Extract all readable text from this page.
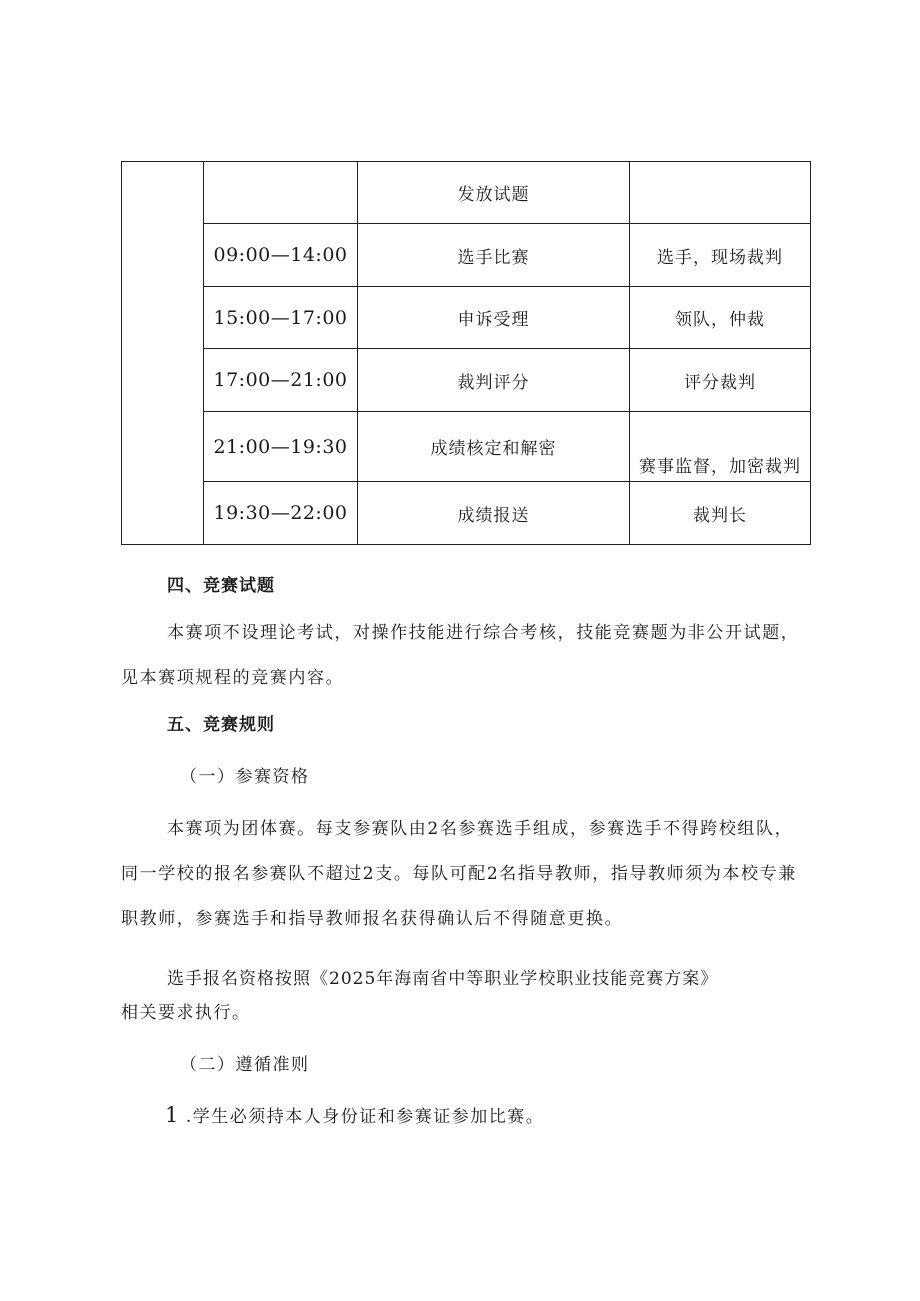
		发放试题	
	09:00—14:00	选手比赛	选手，现场裁判
	15:00—17:00	申诉受理	领队，仲裁
	17:00—21:00	裁判评分	评分裁判
	21:00—19:30	成绩核定和解密	赛事监督，加密裁判
	19:30—22:00	成绩报送	裁判长
四、竞赛试题

本赛项不设理论考试，对操作技能进行综合考核，技能竞赛题为非公开试题，见本赛项规程的竞赛内容。

五、竞赛规则
（一）参赛资格

本赛项为团体赛。每支参赛队由2名参赛选手组成，参赛选手不得跨校组队，同一学校的报名参赛队不超过2支。每队可配2名指导教师，指导教师须为本校专兼职教师，参赛选手和指导教师报名获得确认后不得随意更换。

选手报名资格按照《2025年海南省中等职业学校职业技能竞赛方案》

相关要求执行。

（二）遵循准则

1 .学生必须持本人身份证和参赛证参加比赛。
